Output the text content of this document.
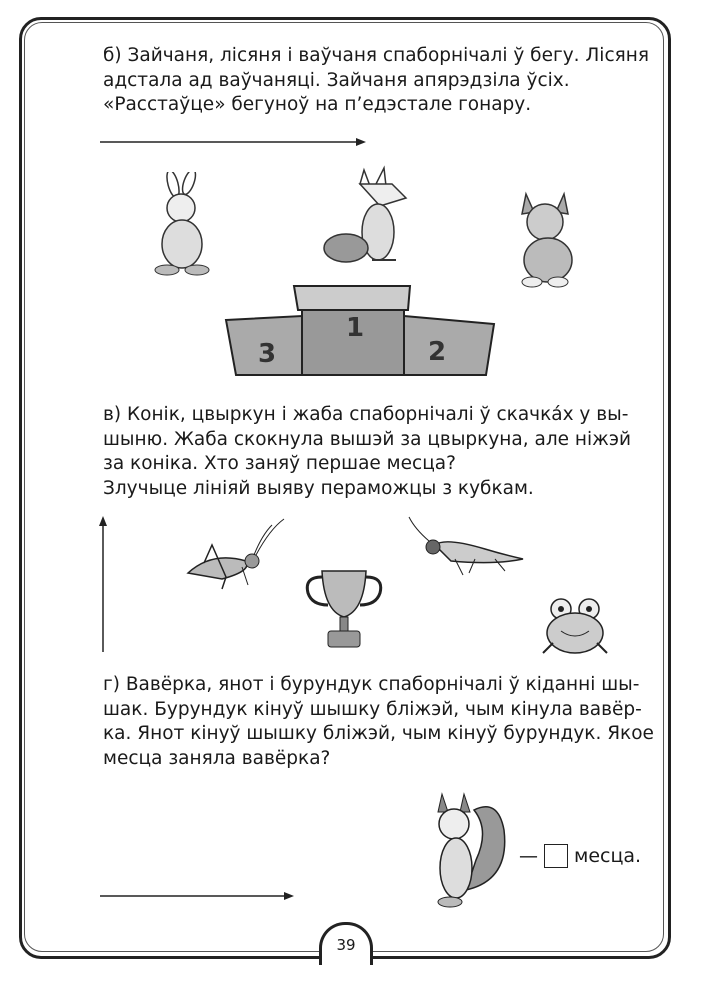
б) Зайчаня, лісяня і ваўчаня спаборнічалі ў бегу. Лісяня
адстала ад ваўчаняці. Зайчаня апярэдзіла ўсіх.
«Расстаўце» бегуноў на п’едэстале гонару.
1
2
3
в) Конік, цвыркун і жаба спаборнічалі ў скачка́х у вы-
шыню. Жаба скокнула вышэй за цвыркуна, але ніжэй
за коніка. Хто заняў першае месца?
Злучыце лініяй выяву пераможцы з кубкам.
г) Вавёрка, янот і бурундук спаборнічалі ў кіданні шы-
шак. Бурундук кінуў шышку бліжэй, чым кінула вавёр-
ка. Янот кінуў шышку бліжэй, чым кінуў бурундук. Якое
месца заняла вавёрка?
— месца.
39
